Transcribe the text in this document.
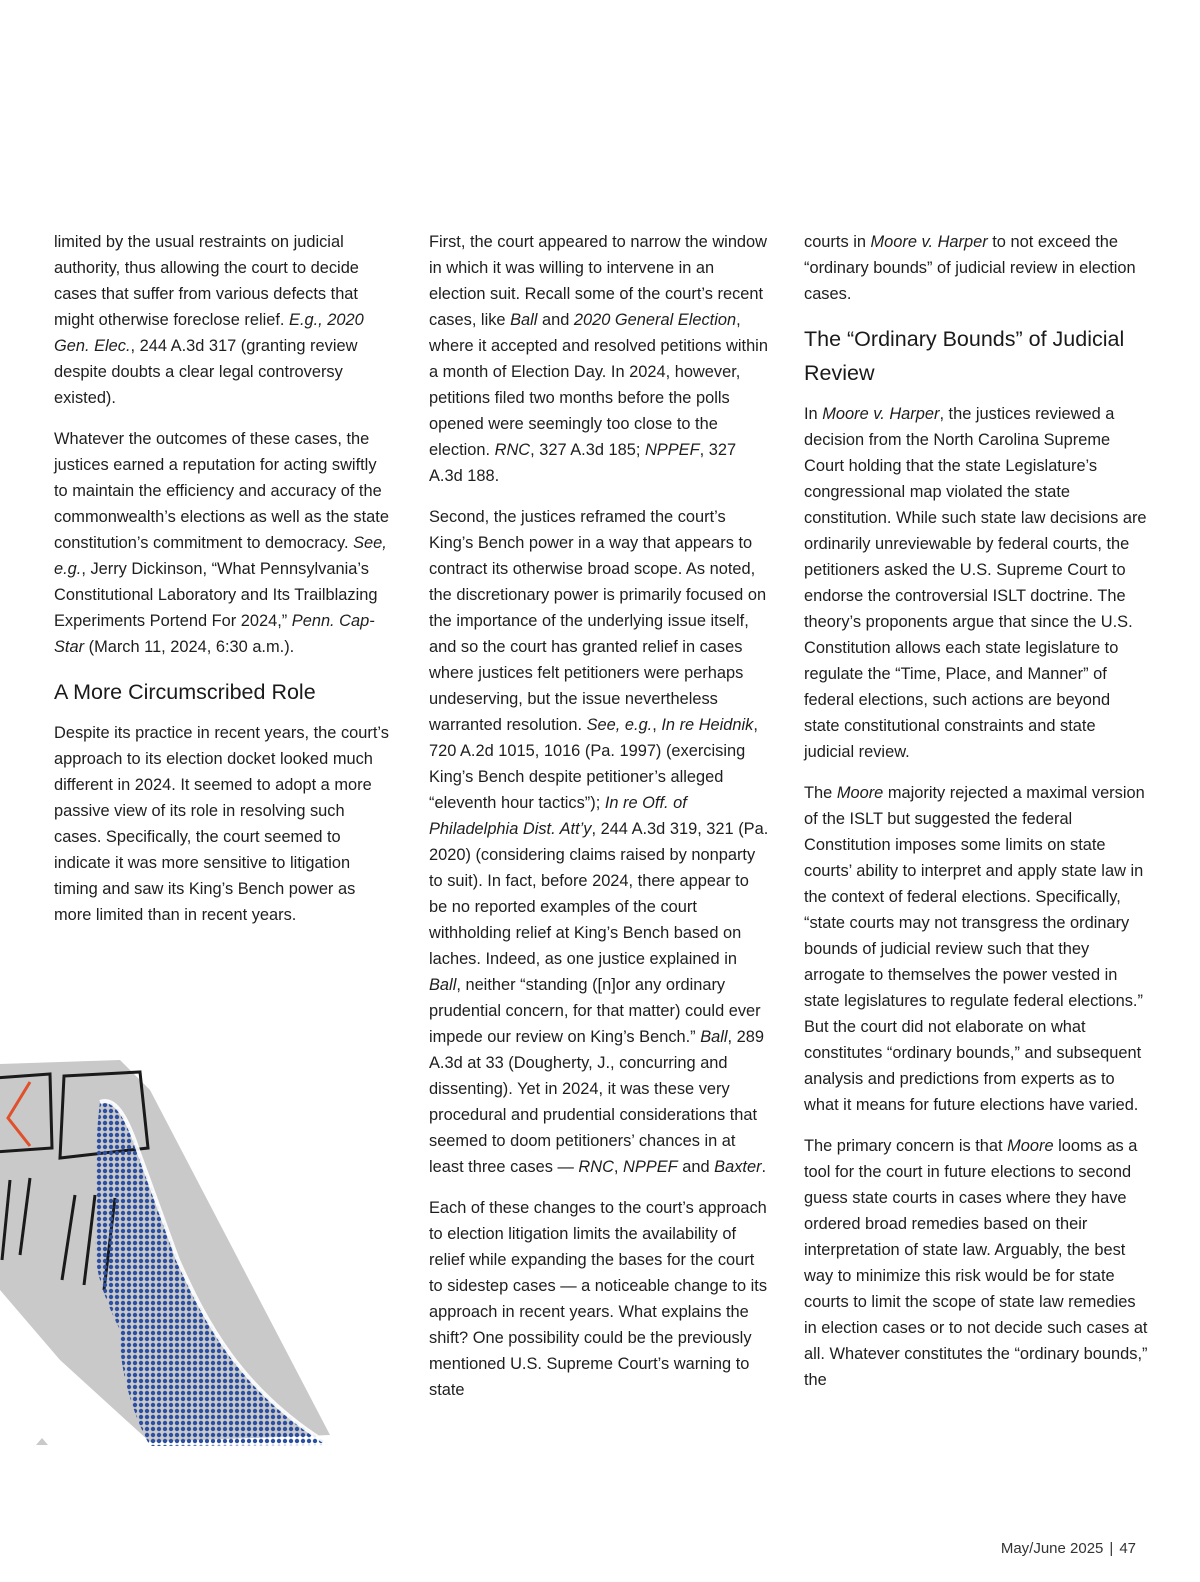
limited by the usual restraints on judicial authority, thus allowing the court to decide cases that suffer from various defects that might otherwise foreclose relief. E.g., 2020 Gen. Elec., 244 A.3d 317 (granting review despite doubts a clear legal controversy existed).

Whatever the outcomes of these cases, the justices earned a reputation for acting swiftly to maintain the efficiency and accuracy of the commonwealth’s elections as well as the state constitution’s commitment to democracy. See, e.g., Jerry Dickinson, “What Pennsylvania’s Constitutional Laboratory and Its Trailblazing Experiments Portend For 2024,” Penn. Cap-Star (March 11, 2024, 6:30 a.m.).

A More Circumscribed Role

Despite its practice in recent years, the court’s approach to its election docket looked much different in 2024. It seemed to adopt a more passive view of its role in resolving such cases. Specifically, the court seemed to indicate it was more sensitive to litigation timing and saw its King’s Bench power as more limited than in recent years.

First, the court appeared to narrow the window in which it was willing to intervene in an election suit. Recall some of the court’s recent cases, like Ball and 2020 General Election, where it accepted and resolved petitions within a month of Election Day. In 2024, however, petitions filed two months before the polls opened were seemingly too close to the election. RNC, 327 A.3d 185; NPPEF, 327 A.3d 188.

Second, the justices reframed the court’s King’s Bench power in a way that appears to contract its otherwise broad scope. As noted, the discretionary power is primarily focused on the importance of the underlying issue itself, and so the court has granted relief in cases where justices felt petitioners were perhaps undeserving, but the issue nevertheless warranted resolution. See, e.g., In re Heidnik, 720 A.2d 1015, 1016 (Pa. 1997) (exercising King’s Bench despite petitioner’s alleged “eleventh hour tactics”); In re Off. of Philadelphia Dist. Att’y, 244 A.3d 319, 321 (Pa. 2020) (considering claims raised by nonparty to suit). In fact, before 2024, there appear to be no reported examples of the court withholding relief at King’s Bench based on laches. Indeed, as one justice explained in Ball, neither “standing ([n]or any ordinary prudential concern, for that matter) could ever impede our review on King’s Bench.” Ball, 289 A.3d at 33 (Dougherty, J., concurring and dissenting). Yet in 2024, it was these very procedural and prudential considerations that seemed to doom petitioners’ chances in at least three cases — RNC, NPPEF and Baxter.

Each of these changes to the court’s approach to election litigation limits the availability of relief while expanding the bases for the court to sidestep cases — a noticeable change to its approach in recent years. What explains the shift? One possibility could be the previously mentioned U.S. Supreme Court’s warning to state

courts in Moore v. Harper to not exceed the “ordinary bounds” of judicial review in election cases.

The “Ordinary Bounds” of Judicial Review

In Moore v. Harper, the justices reviewed a decision from the North Carolina Supreme Court holding that the state Legislature’s congressional map violated the state constitution. While such state law decisions are ordinarily unreviewable by federal courts, the petitioners asked the U.S. Supreme Court to endorse the controversial ISLT doctrine. The theory’s proponents argue that since the U.S. Constitution allows each state legislature to regulate the “Time, Place, and Manner” of federal elections, such actions are beyond state constitutional constraints and state judicial review.

The Moore majority rejected a maximal version of the ISLT but suggested the federal Constitution imposes some limits on state courts’ ability to interpret and apply state law in the context of federal elections. Specifically, “state courts may not transgress the ordinary bounds of judicial review such that they arrogate to themselves the power vested in state legislatures to regulate federal elections.” But the court did not elaborate on what constitutes “ordinary bounds,” and subsequent analysis and predictions from experts as to what it means for future elections have varied.

The primary concern is that Moore looms as a tool for the court in future elections to second guess state courts in cases where they have ordered broad remedies based on their interpretation of state law. Arguably, the best way to minimize this risk would be for state courts to limit the scope of state law remedies in election cases or to not decide such cases at all. Whatever constitutes the “ordinary bounds,” the

May/June 2025 | 47
